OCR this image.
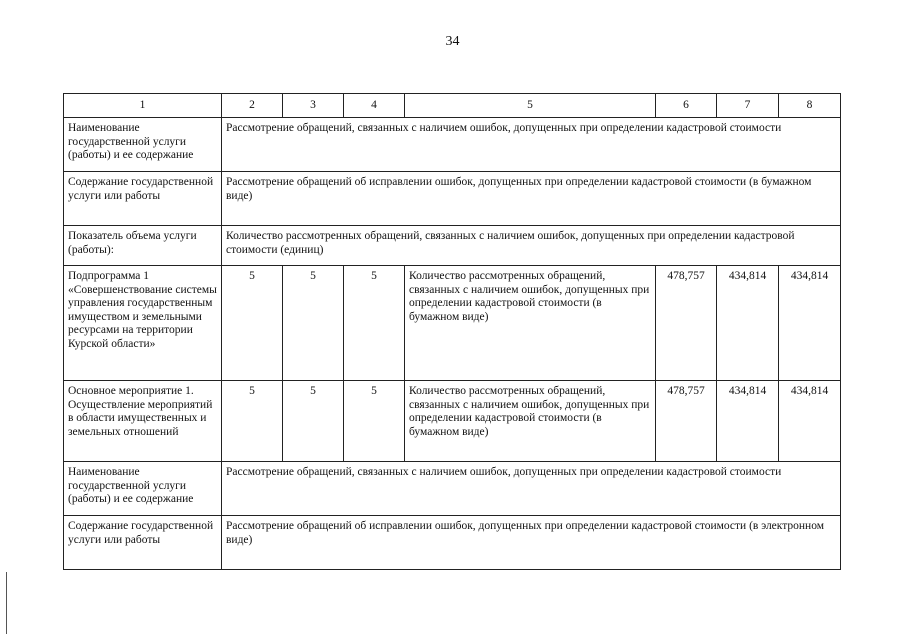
34
1	2	3	4	5	6	7	8
Наименование государственной услуги (работы) и ее содержание	Рассмотрение обращений, связанных с наличием ошибок, допущенных при определении кадастровой стоимости						
Содержание государственной услуги или работы	Рассмотрение обращений об исправлении ошибок, допущенных при определении кадастровой стоимости (в бумажном виде)						
Показатель объема услуги (работы):	Количество рассмотренных обращений, связанных с наличием ошибок, допущенных при определении кадастровой стоимости (единиц)						
Подпрограмма 1 «Совершенствование системы управления государственным имуществом и земельными ресурсами на территории Курской области»	5	5	5	Количество рассмотренных обращений, связанных с наличием ошибок, допущенных при определении кадастровой стоимости (в бумажном виде)	478,757	434,814	434,814
Основное мероприятие 1. Осуществление мероприятий в области имущественных и земельных отношений	5	5	5	Количество рассмотренных обращений, связанных с наличием ошибок, допущенных при определении кадастровой стоимости (в бумажном виде)	478,757	434,814	434,814
Наименование государственной услуги (работы) и ее содержание	Рассмотрение обращений, связанных с наличием ошибок, допущенных при определении кадастровой стоимости						
Содержание государственной услуги или работы	Рассмотрение обращений об исправлении ошибок, допущенных при определении кадастровой стоимости (в электронном виде)						
